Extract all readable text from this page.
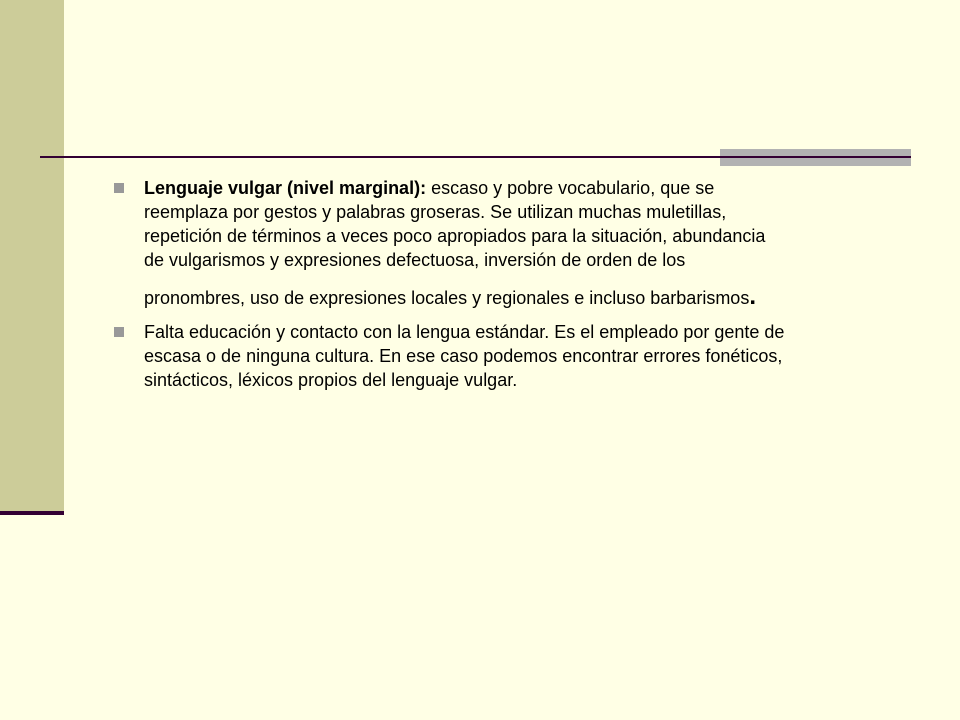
Lenguaje vulgar (nivel marginal): escaso y pobre vocabulario, que se
reemplaza por gestos y palabras groseras. Se utilizan muchas muletillas,
repetición de términos a veces poco apropiados para la situación, abundancia
de vulgarismos y expresiones defectuosa, inversión de orden de los
pronombres, uso de expresiones locales y regionales e incluso barbarismos.
Falta educación y contacto con la lengua estándar. Es el empleado por gente de
escasa o de ninguna cultura. En ese caso podemos encontrar errores fonéticos,
sintácticos, léxicos propios del lenguaje vulgar.
